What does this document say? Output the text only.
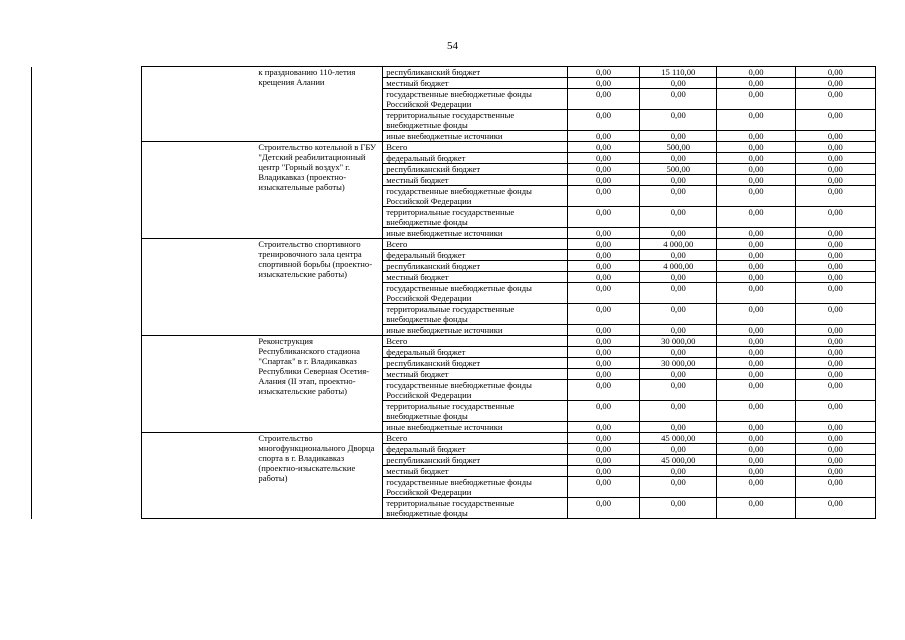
54
	к празднованию 110-летия крещения Алании	республиканский бюджет	0,00	15 110,00	0,00	0,00
		местный бюджет	0,00	0,00	0,00	0,00
		государственные внебюджетные фонды Российской Федерации	0,00	0,00	0,00	0,00
		территориальные государственные внебюджетные фонды	0,00	0,00	0,00	0,00
		иные внебюджетные источники	0,00	0,00	0,00	0,00
	Строительство котельной в ГБУ "Детский реабилитационный центр "Горный воздух" г. Владикавказ (проектно-изыскательные работы)	Всего	0,00	500,00	0,00	0,00
		федеральный бюджет	0,00	0,00	0,00	0,00
		республиканский бюджет	0,00	500,00	0,00	0,00
		местный бюджет	0,00	0,00	0,00	0,00
		государственные внебюджетные фонды Российской Федерации	0,00	0,00	0,00	0,00
		территориальные государственные внебюджетные фонды	0,00	0,00	0,00	0,00
		иные внебюджетные источники	0,00	0,00	0,00	0,00
	Строительство спортивного тренировочного зала центра спортивной борьбы (проектно-изыскательские работы)	Всего	0,00	4 000,00	0,00	0,00
		федеральный бюджет	0,00	0,00	0,00	0,00
		республиканский бюджет	0,00	4 000,00	0,00	0,00
		местный бюджет	0,00	0,00	0,00	0,00
		государственные внебюджетные фонды Российской Федерации	0,00	0,00	0,00	0,00
		территориальные государственные внебюджетные фонды	0,00	0,00	0,00	0,00
		иные внебюджетные источники	0,00	0,00	0,00	0,00
	Реконструкция Республиканского стадиона "Спартак" в г. Владикавказ Республики Северная Осетия-Алания (II этап, проектно-изыскательские работы)	Всего	0,00	30 000,00	0,00	0,00
		федеральный бюджет	0,00	0,00	0,00	0,00
		республиканский бюджет	0,00	30 000,00	0,00	0,00
		местный бюджет	0,00	0,00	0,00	0,00
		государственные внебюджетные фонды Российской Федерации	0,00	0,00	0,00	0,00
		территориальные государственные внебюджетные фонды	0,00	0,00	0,00	0,00
		иные внебюджетные источники	0,00	0,00	0,00	0,00
	Строительство многофункционального Дворца спорта в г. Владикавказ (проектно-изыскательские работы)	Всего	0,00	45 000,00	0,00	0,00
		федеральный бюджет	0,00	0,00	0,00	0,00
		республиканский бюджет	0,00	45 000,00	0,00	0,00
		местный бюджет	0,00	0,00	0,00	0,00
		государственные внебюджетные фонды Российской Федерации	0,00	0,00	0,00	0,00
		территориальные государственные внебюджетные фонды	0,00	0,00	0,00	0,00
